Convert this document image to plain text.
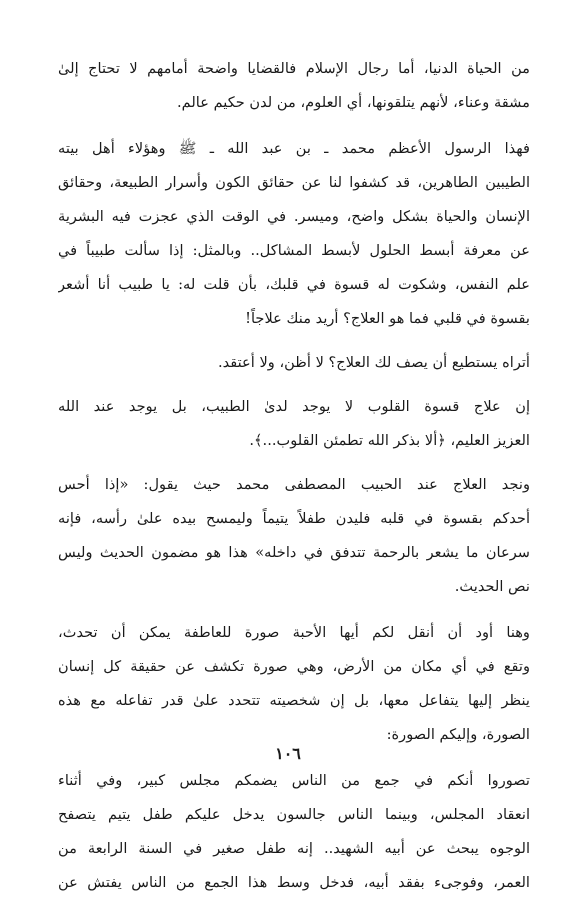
من الحياة الدنيا، أما رجال الإسلام فالقضايا واضحة أمامهم لا تحتاج إلىٰ
مشقة وعناء، لأنهم يتلقونها، أي العلوم، من لدن حكيم عالم.
فهذا الرسول الأعظم محمد ـ بن عبد الله ـ ﷺ وهؤلاء أهل بيته
الطيبين الطاهرين، قد كشفوا لنا عن حقائق الكون وأسرار الطبيعة، وحقائق
الإنسان والحياة بشكل واضح، وميسر. في الوقت الذي عجزت فيه البشرية
عن معرفة أبسط الحلول لأبسط المشاكل.. وبالمثل: إذا سألت طبيباً في
علم النفس، وشكوت له قسوة في قلبك، بأن قلت له: يا طبيب أنا أشعر
بقسوة في قلبي فما هو العلاج؟ أريد منك علاجاً!
أتراه يستطيع أن يصف لك العلاج؟ لا أظن، ولا أعتقد.
إن علاج قسوة القلوب لا يوجد لدىٰ الطبيب، بل يوجد عند الله
العزيز العليم، ﴿ألا بذكر الله تطمئن القلوب...﴾.
ونجد العلاج عند الحبيب المصطفى محمد حيث يقول: «إذا أحس
أحدكم بقسوة في قلبه فليدن طفلاً يتيماً وليمسح بيده علىٰ رأسه، فإنه
سرعان ما يشعر بالرحمة تتدفق في داخله» هذا هو مضمون الحديث وليس
نص الحديث.
وهنا أود أن أنقل لكم أيها الأحبة صورة للعاطفة يمكن أن تحدث،
وتقع في أي مكان من الأرض، وهي صورة تكشف عن حقيقة كل إنسان
ينظر إليها يتفاعل معها، بل إن شخصيته تتحدد علىٰ قدر تفاعله مع هذه
الصورة، وإليكم الصورة:
تصوروا أنكم في جمع من الناس يضمكم مجلس كبير، وفي أثناء
انعقاد المجلس، وبينما الناس جالسون يدخل عليكم طفل يتيم يتصفح
الوجوه يبحث عن أبيه الشهيد.. إنه طفل صغير في السنة الرابعة من
العمر، وفوجىء بفقد أبيه، فدخل وسط هذا الجمع من الناس يفتش عن
١٠٦
